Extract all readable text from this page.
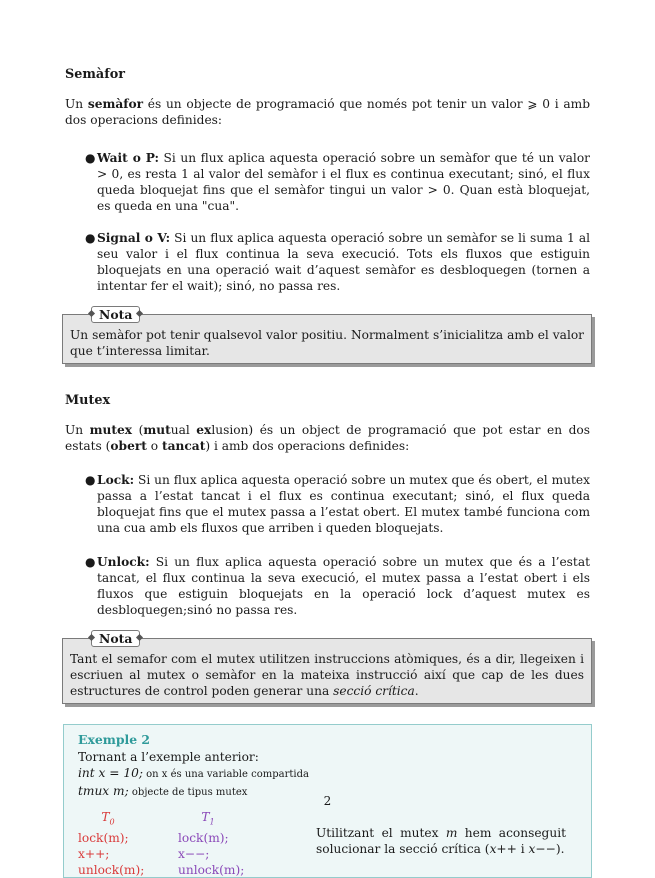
Semàfor

Un semàfor és un objecte de programació que només pot tenir un valor ⩾ 0 i amb dos operacions definides:

● Wait o P: Si un flux aplica aquesta operació sobre un semàfor que té un valor > 0, es resta 1 al valor del semàfor i el flux es continua executant; sinó, el flux queda bloquejat fins que el semàfor tingui un valor > 0. Quan està bloquejat, es queda en una "cua".
● Signal o V: Si un flux aplica aquesta operació sobre un semàfor se li suma 1 al seu valor i el flux continua la seva execució. Tots els fluxos que estiguin bloquejats en una operació wait d’aquest semàfor es desbloquegen (tornen a intentar fer el wait); sinó, no passa res.
Nota

Un semàfor pot tenir qualsevol valor positiu. Normalment s’inicialitza amb el valor que t’interessa limitar.

Mutex

Un mutex (mutual exlusion) és un object de programació que pot estar en dos estats (obert o tancat) i amb dos operacions definides:

● Lock: Si un flux aplica aquesta operació sobre un mutex que és obert, el mutex passa a l’estat tancat i el flux es continua executant; sinó, el flux queda bloquejat fins que el mutex passa a l’estat obert. El mutex també funciona com una cua amb els fluxos que arriben i queden bloquejats.
● Unlock: Si un flux aplica aquesta operació sobre un mutex que és a l’estat tancat, el flux continua la seva execució, el mutex passa a l’estat obert i els fluxos que estiguin bloquejats en la operació lock d’aquest mutex es desbloquegen;sinó no passa res.
Nota

Tant el semafor com el mutex utilitzen instruccions atòmiques, és a dir, llegeixen i escriuen al mutex o semàfor en la mateixa instrucció així que cap de les dues estructures de control poden generar una secció crítica.

Exemple 2
Tornant a l’exemple anterior:
int x = 10; on x és una variable compartida
tmux m; objecte de tipus mutex
$T_0$
lock(m);
x++;
unlock(m);
$T_1$
lock(m);
x−−;
unlock(m);
Utilitzant el mutex m hem aconseguit solucionar la secció crítica (x++ i x−−).
2
